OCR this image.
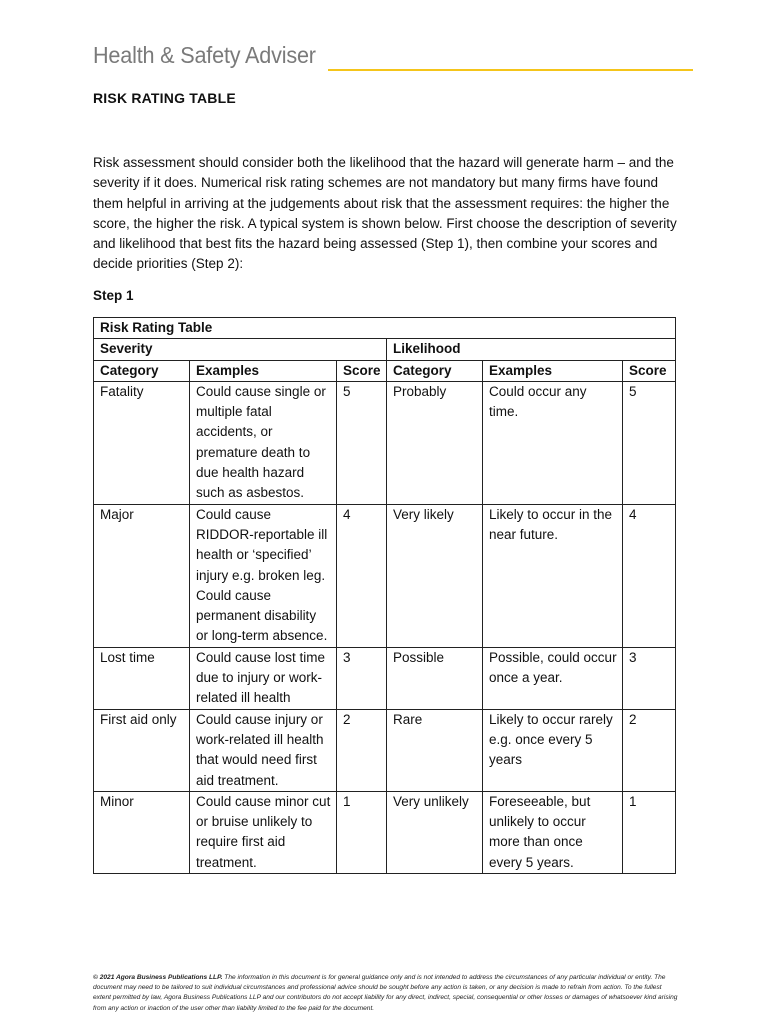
Health & Safety Adviser
RISK RATING TABLE
Risk assessment should consider both the likelihood that the hazard will generate harm – and the severity if it does. Numerical risk rating schemes are not mandatory but many firms have found them helpful in arriving at the judgements about risk that the assessment requires: the higher the score, the higher the risk. A typical system is shown below. First choose the description of severity and likelihood that best fits the hazard being assessed (Step 1), then combine your scores and decide priorities (Step 2):
Step 1
Risk Rating Table					
Severity			Likelihood		
Category	Examples	Score	Category	Examples	Score
Fatality	Could cause single or multiple fatal accidents, or premature death to due health hazard such as asbestos.	5	Probably	Could occur any time.	5
Major	Could cause RIDDOR-reportable ill health or ‘specified’ injury e.g. broken leg. Could cause permanent disability or long-term absence.	4	Very likely	Likely to occur in the near future.	4
Lost time	Could cause lost time due to injury or work-related ill health	3	Possible	Possible, could occur once a year.	3
First aid only	Could cause injury or work-related ill health that would need first aid treatment.	2	Rare	Likely to occur rarely e.g. once every 5 years	2
Minor	Could cause minor cut or bruise unlikely to require first aid treatment.	1	Very unlikely	Foreseeable, but unlikely to occur more than once every 5 years.	1
© 2021 Agora Business Publications LLP. The information in this document is for general guidance only and is not intended to address the circumstances of any particular individual or entity. The document may need to be tailored to suit individual circumstances and professional advice should be sought before any action is taken, or any decision is made to refrain from action. To the fullest extent permitted by law, Agora Business Publications LLP and our contributors do not accept liability for any direct, indirect, special, consequential or other losses or damages of whatsoever kind arising from any action or inaction of the user other than liability limited to the fee paid for the document.
